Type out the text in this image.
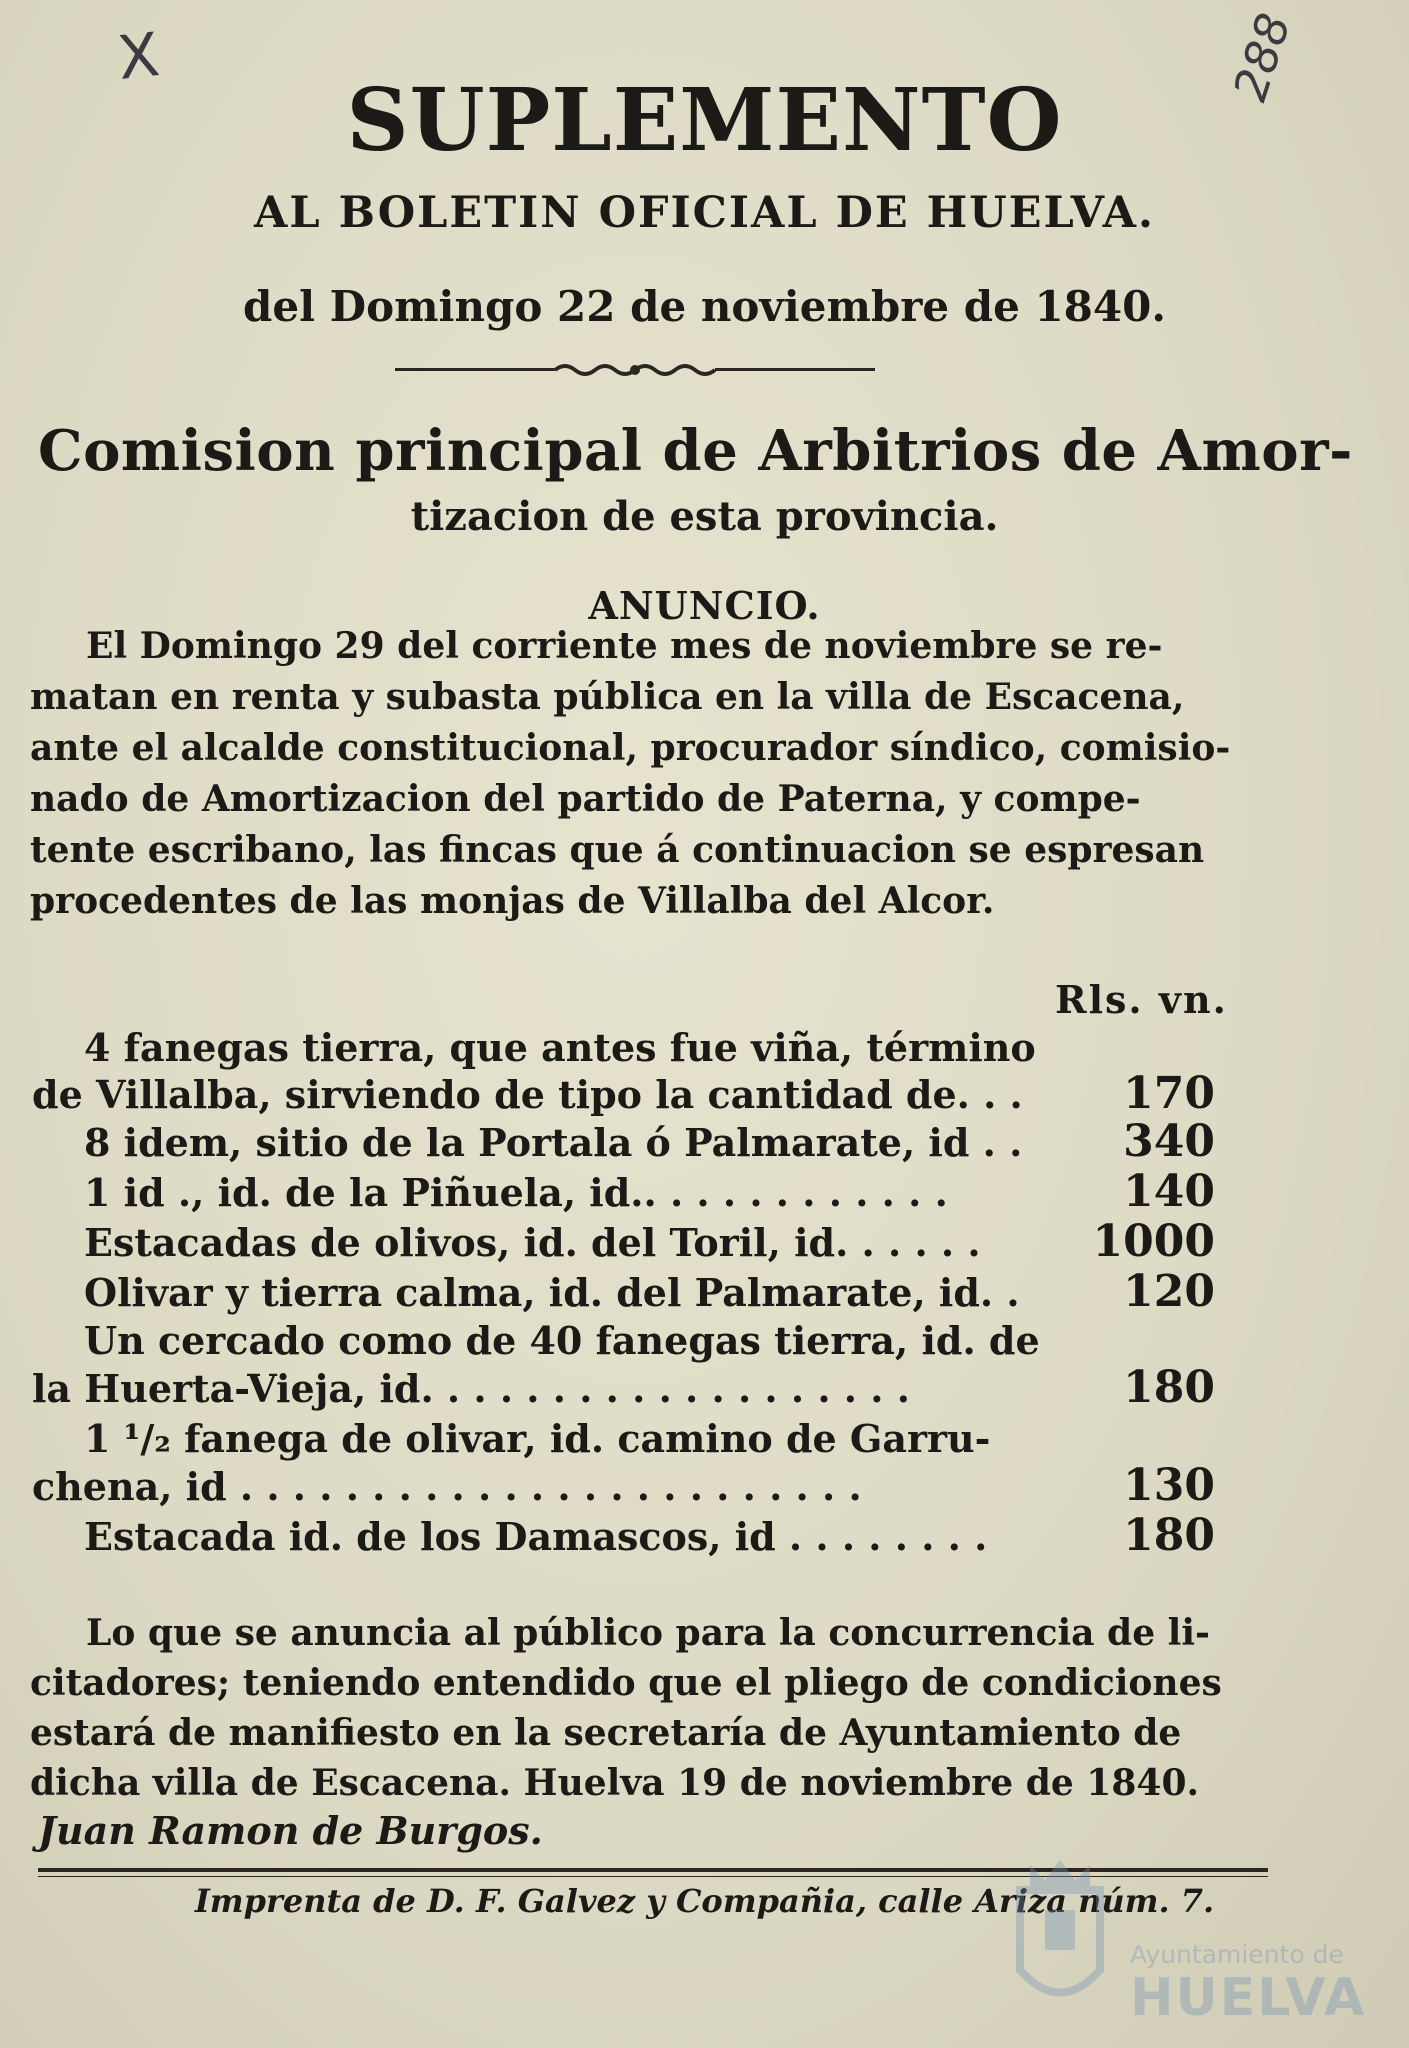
X	288
SUPLEMENTO
AL BOLETIN OFICIAL DE HUELVA.
del Domingo 22 de noviembre de 1840.
Comision principal de Arbitrios de Amor-
tizacion de esta provincia.
ANUNCIO.
El Domingo 29 del corriente mes de noviembre se re-
matan en renta y subasta pública en la villa de Escacena,
ante el alcalde constitucional, procurador síndico, comisio-
nado de Amortizacion del partido de Paterna, y compe-
tente escribano, las fincas que á continuacion se espresan
procedentes de las monjas de Villalba del Alcor.
Rls. vn.
4 fanegas tierra, que antes fue viña, término
de Villalba, sirviendo de tipo la cantidad de. . .	170
8 idem, sitio de la Portala ó Palmarate, id . .	340
1 id ., id. de la Piñuela, id.. . . . . . . . . . . .	140
Estacadas de olivos, id. del Toril, id. . . . . .	1000
Olivar y tierra calma, id. del Palmarate, id. .	120
Un cercado como de 40 fanegas tierra, id. de
la Huerta-Vieja, id. . . . . . . . . . . . . . . . . . .	180
1 ¹/₂ fanega de olivar, id. camino de Garru-
chena, id . . . . . . . . . . . . . . . . . . . . . . . .	130
Estacada id. de los Damascos, id . . . . . . . .	180
Lo que se anuncia al público para la concurrencia de li-
citadores; teniendo entendido que el pliego de condiciones
estará de manifiesto en la secretaría de Ayuntamiento de
dicha villa de Escacena. Huelva 19 de noviembre de 1840.
Juan Ramon de Burgos.
Imprenta de D. F. Galvez y Compañia, calle Ariza núm. 7.
Ayuntamiento de
HUELVA
